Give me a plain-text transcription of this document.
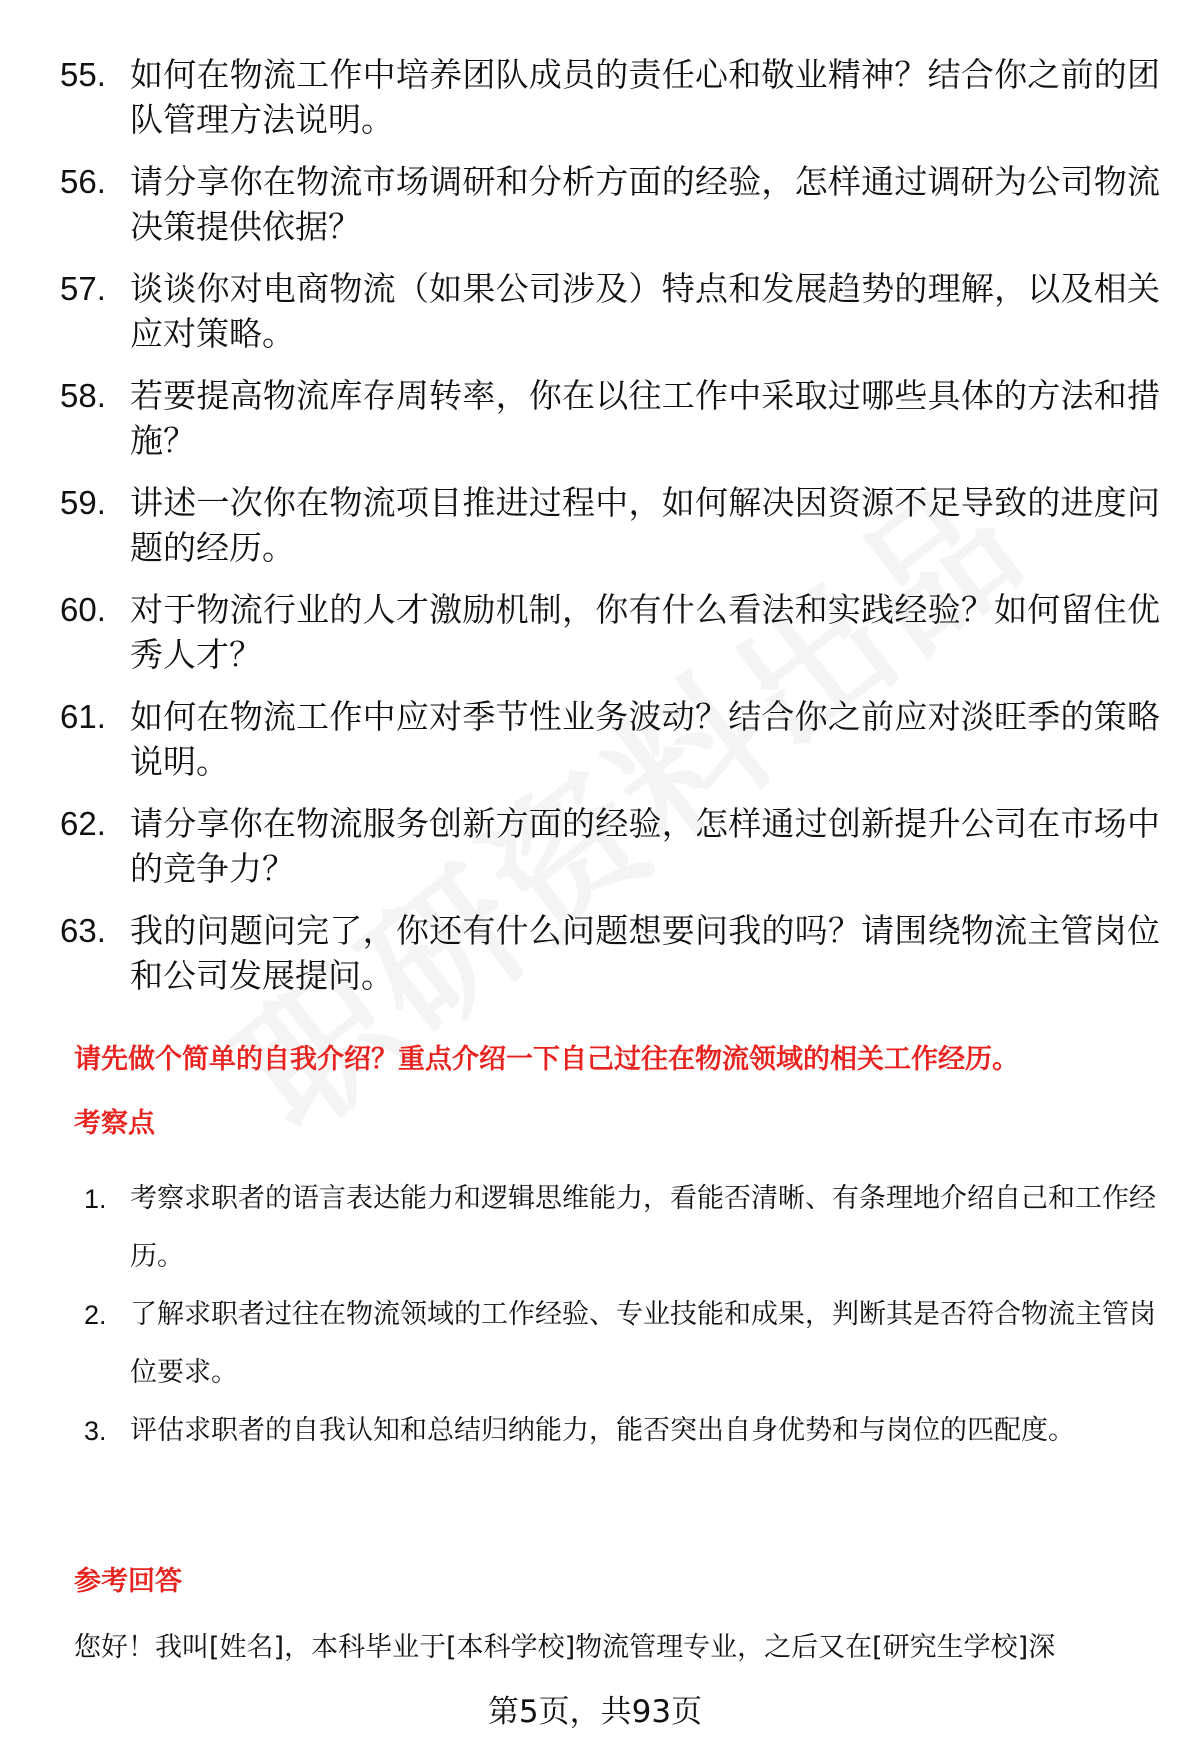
55. 如何在物流工作中培养团队成员的责任心和敬业精神？结合你之前的团队管理方法说明。
56. 请分享你在物流市场调研和分析方面的经验，怎样通过调研为公司物流决策提供依据？
57. 谈谈你对电商物流（如果公司涉及）特点和发展趋势的理解，以及相关应对策略。
58. 若要提高物流库存周转率，你在以往工作中采取过哪些具体的方法和措施？
59. 讲述一次你在物流项目推进过程中，如何解决因资源不足导致的进度问题的经历。
60. 对于物流行业的人才激励机制，你有什么看法和实践经验？如何留住优秀人才？
61. 如何在物流工作中应对季节性业务波动？结合你之前应对淡旺季的策略说明。
62. 请分享你在物流服务创新方面的经验，怎样通过创新提升公司在市场中的竞争力？
63. 我的问题问完了，你还有什么问题想要问我的吗？请围绕物流主管岗位和公司发展提问。
请先做个简单的自我介绍？重点介绍一下自己过往在物流领域的相关工作经历。
考察点
1. 考察求职者的语言表达能力和逻辑思维能力，看能否清晰、有条理地介绍自己和工作经历。
2. 了解求职者过往在物流领域的工作经验、专业技能和成果，判断其是否符合物流主管岗位要求。
3. 评估求职者的自我认知和总结归纳能力，能否突出自身优势和与岗位的匹配度。
参考回答
您好！我叫[姓名]，本科毕业于[本科学校]物流管理专业，之后又在[研究生学校]深
第5页，共93页
